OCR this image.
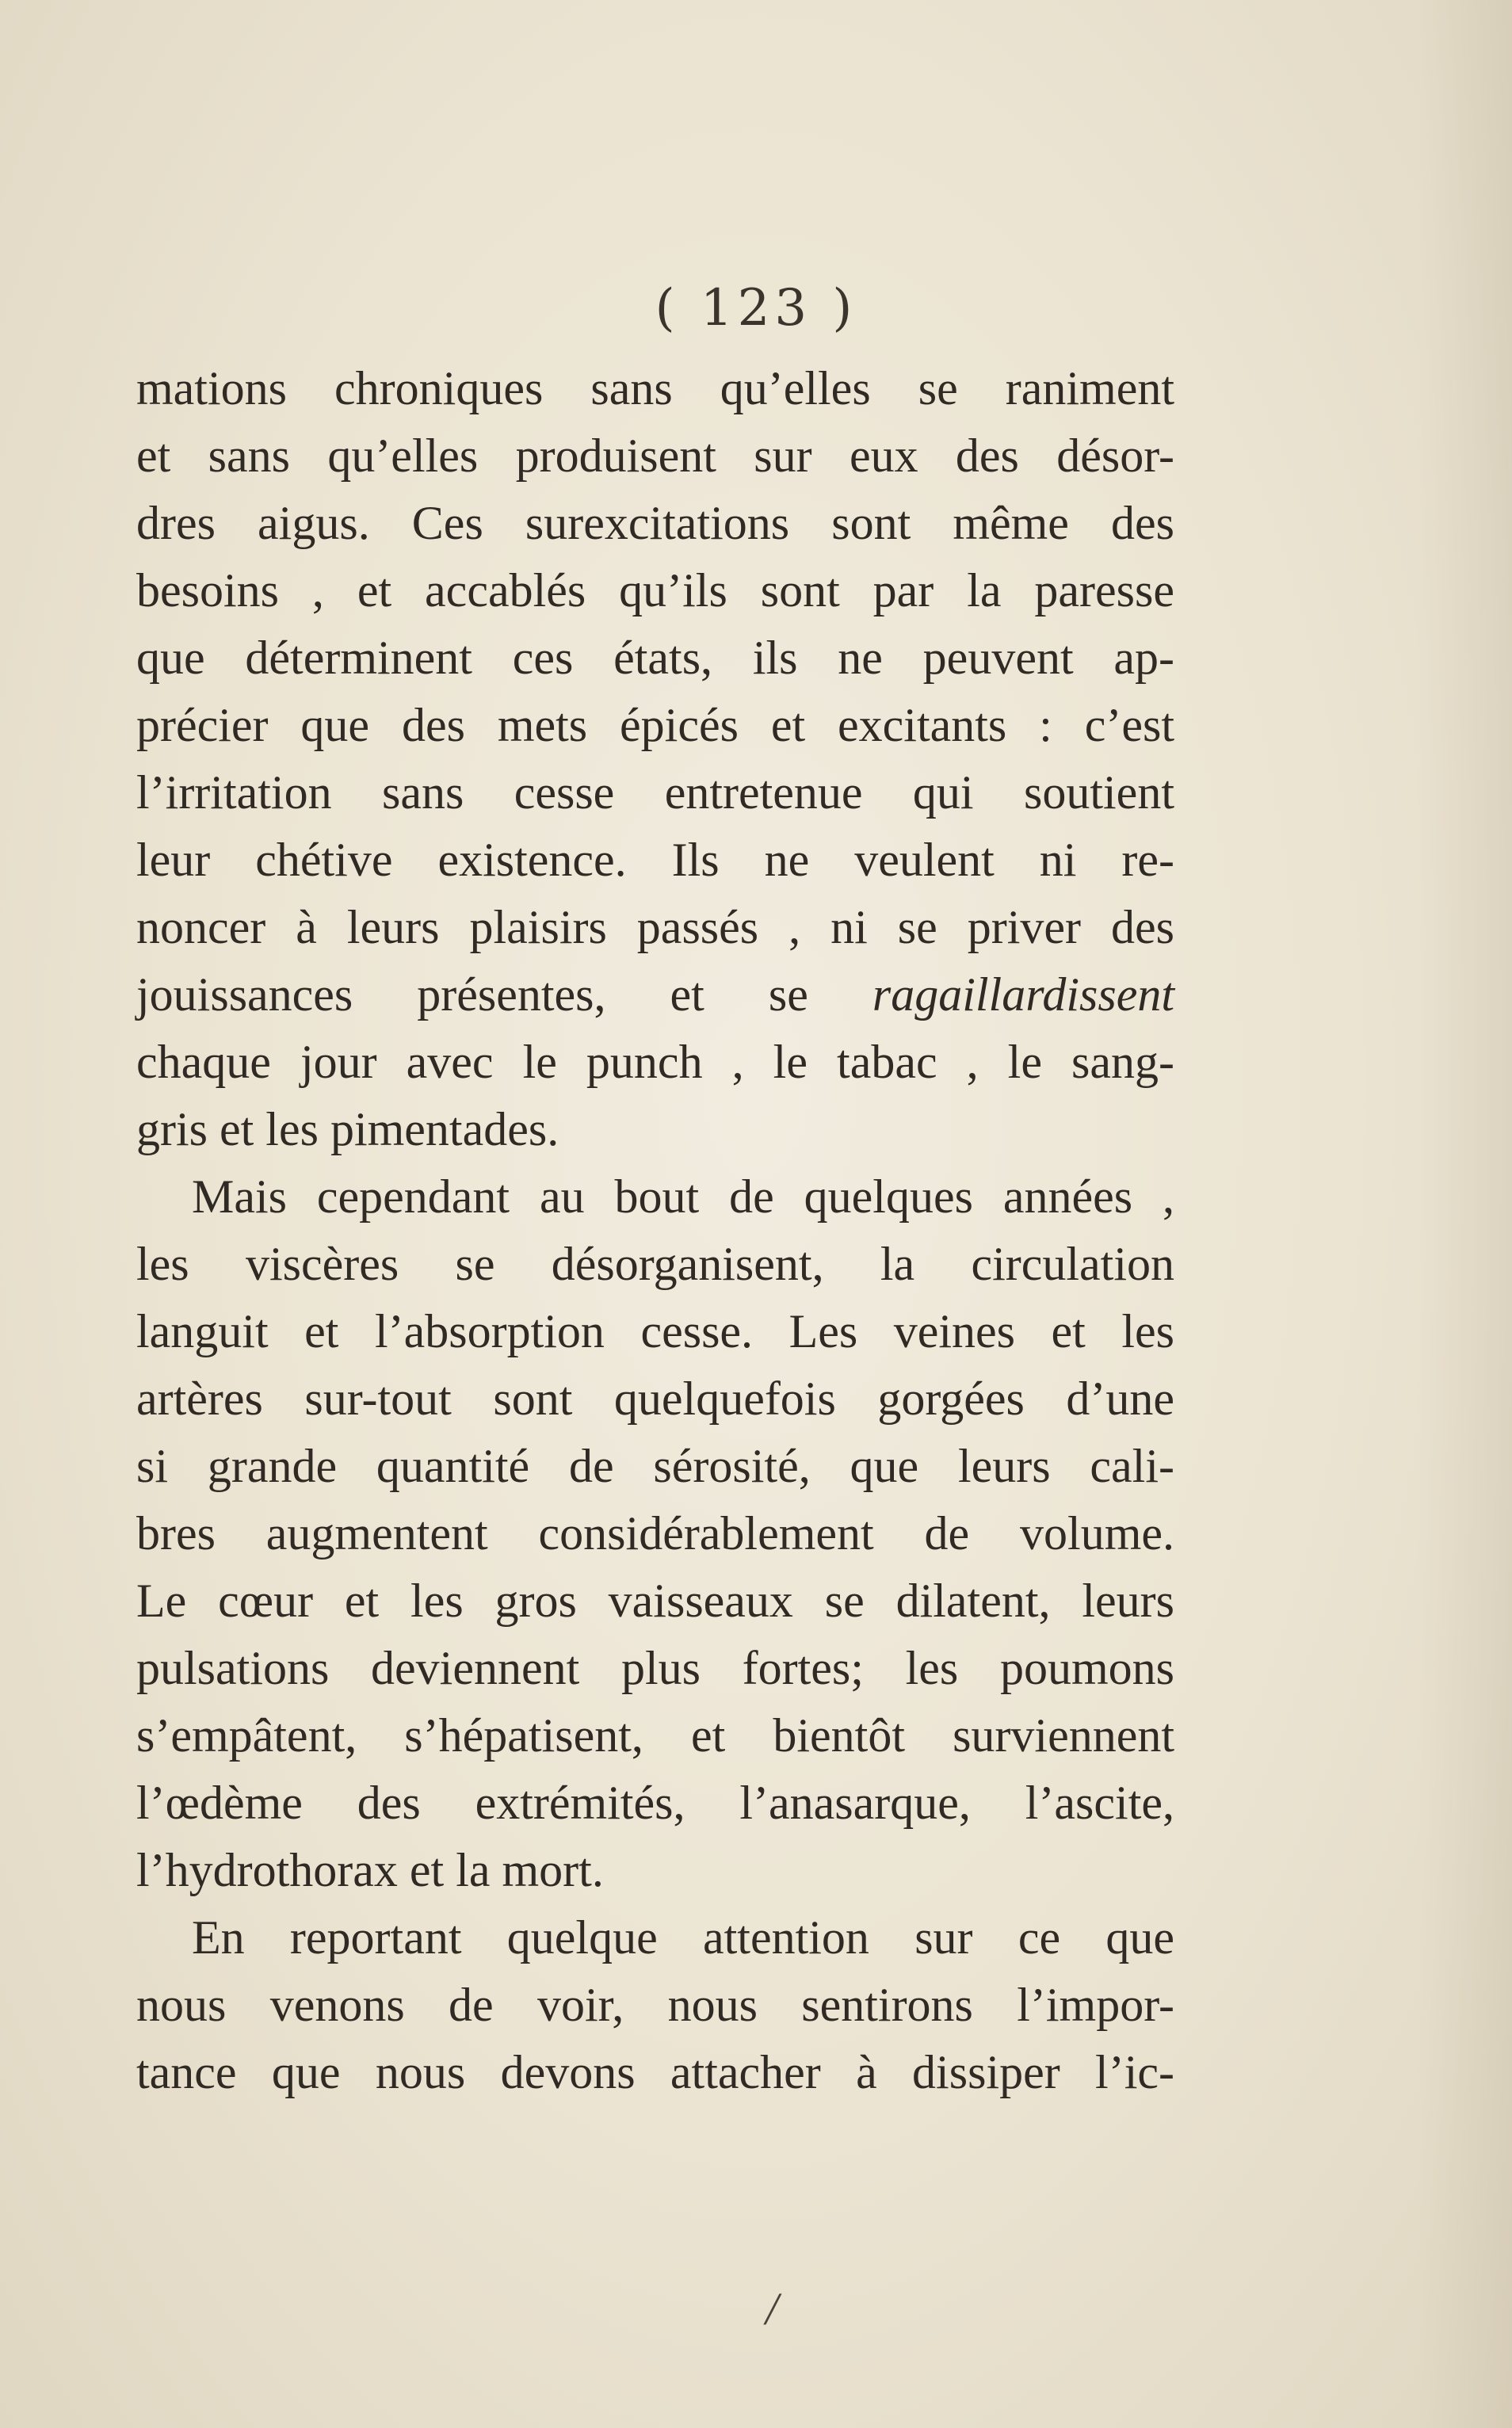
( 123 )
mations chroniques sans qu’elles se raniment
et sans qu’elles produisent sur eux des désor-
dres aigus. Ces surexcitations sont même des
besoins , et accablés qu’ils sont par la paresse
que déterminent ces états, ils ne peuvent ap-
précier que des mets épicés et excitants : c’est
l’irritation sans cesse entretenue qui soutient
leur chétive existence. Ils ne veulent ni re-
noncer à leurs plaisirs passés , ni se priver des
jouissances présentes, et se ragaillardissent
chaque jour avec le punch , le tabac , le sang-
gris et les pimentades.
Mais cependant au bout de quelques années ,
les viscères se désorganisent, la circulation
languit et l’absorption cesse. Les veines et les
artères sur-tout sont quelquefois gorgées d’une
si grande quantité de sérosité, que leurs cali-
bres augmentent considérablement de volume.
Le cœur et les gros vaisseaux se dilatent, leurs
pulsations deviennent plus fortes; les poumons
s’empâtent, s’hépatisent, et bientôt surviennent
l’œdème des extrémités, l’anasarque, l’ascite,
l’hydrothorax et la mort.
En reportant quelque attention sur ce que
nous venons de voir, nous sentirons l’impor-
tance que nous devons attacher à dissiper l’ic-
/
